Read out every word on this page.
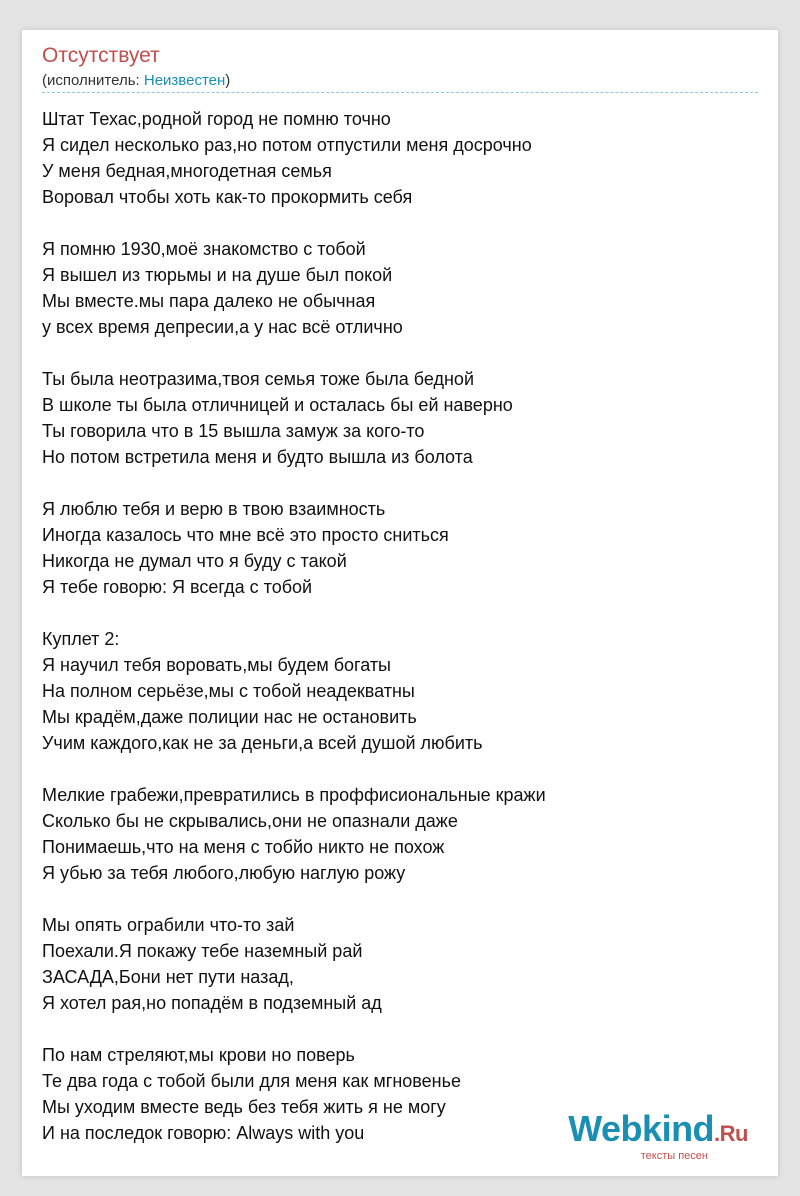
Отсутствует
(исполнитель: Неизвестен)
Штат Техас,родной город не помню точно
Я сидел несколько раз,но потом отпустили меня досрочно
У меня бедная,многодетная семья
Воровал чтобы хоть как-то прокормить себя
Я помню 1930,моё знакомство с тобой
Я вышел из тюрьмы и на душе был покой
Мы вместе.мы пара далеко не обычная
у всех время депресии,а у нас всё отлично
Ты была неотразима,твоя семья тоже была бедной
В школе ты была отличницей и осталась бы ей наверно
Ты говорила что в 15 вышла замуж за кого-то
Но потом встретила меня и будто вышла из болота
Я люблю тебя и верю в твою взаимность
Иногда казалось что мне всё это просто сниться
Никогда не думал что я буду с такой
Я тебе говорю: Я всегда с тобой
Куплет 2:
Я научил тебя воровать,мы будем богаты
На полном серьёзе,мы с тобой неадекватны
Мы крадём,даже полиции нас не остановить
Учим каждого,как не за деньги,а всей душой любить
Мелкие грабежи,превратились в проффисиональные кражи
Сколько бы не скрывались,они не опазнали даже
Понимаешь,что на меня с тобйо никто не похож
Я убью за тебя любого,любую наглую рожу
Мы опять ограбили что-то зай
Поехали.Я покажу тебе наземный рай
ЗАСАДА,Бони нет пути назад,
Я хотел рая,но попадём в подземный ад
По нам стреляют,мы крови но поверь
Те два года с тобой были для меня как мгновенье
Мы уходим вместе ведь без тебя жить я не могу
И на последок говорю: Always with you	Webkind.Ru
тексты песен
